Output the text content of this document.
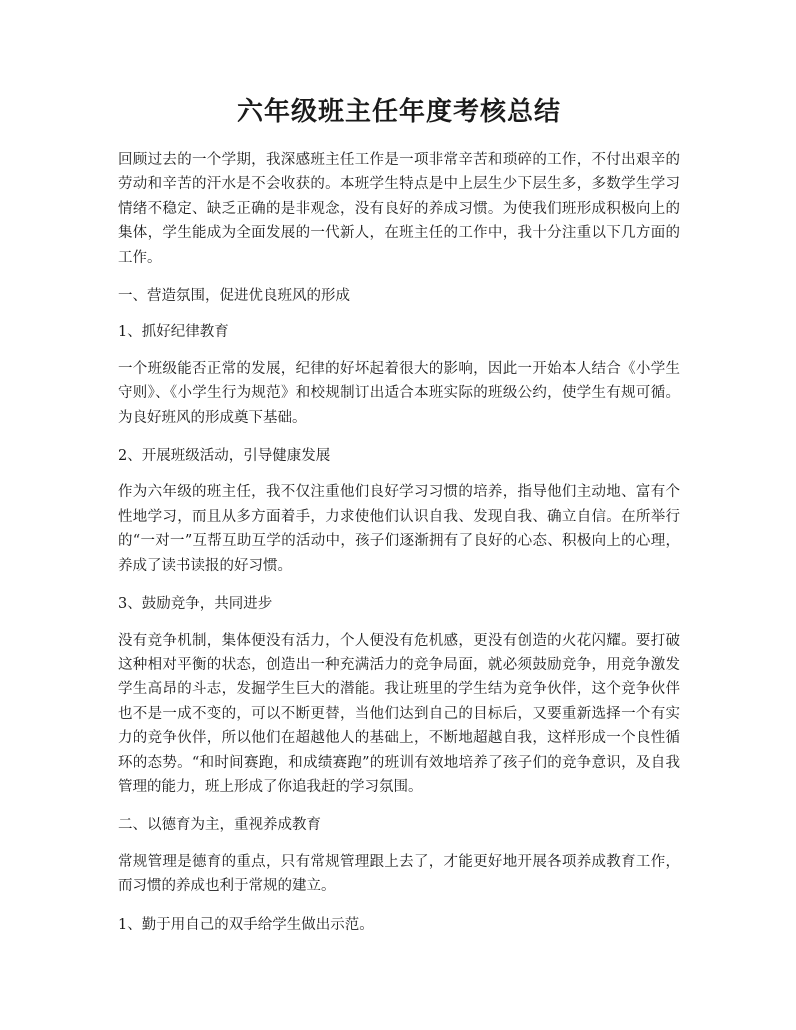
六年级班主任年度考核总结

回顾过去的一个学期，我深感班主任工作是一项非常辛苦和琐碎的工作，不付出艰辛的劳动和辛苦的汗水是不会收获的。本班学生特点是中上层生少下层生多，多数学生学习情绪不稳定、缺乏正确的是非观念，没有良好的养成习惯。为使我们班形成积极向上的集体，学生能成为全面发展的一代新人，在班主任的工作中，我十分注重以下几方面的工作。

一、营造氛围，促进优良班风的形成

1、抓好纪律教育

一个班级能否正常的发展，纪律的好坏起着很大的影响，因此一开始本人结合《小学生守则》、《小学生行为规范》和校规制订出适合本班实际的班级公约，使学生有规可循。为良好班风的形成奠下基础。

2、开展班级活动，引导健康发展

作为六年级的班主任，我不仅注重他们良好学习习惯的培养，指导他们主动地、富有个性地学习，而且从多方面着手，力求使他们认识自我、发现自我、确立自信。在所举行的“一对一”互帮互助互学的活动中，孩子们逐渐拥有了良好的心态、积极向上的心理，养成了读书读报的好习惯。

3、鼓励竞争，共同进步

没有竞争机制，集体便没有活力，个人便没有危机感，更没有创造的火花闪耀。要打破这种相对平衡的状态，创造出一种充满活力的竞争局面，就必须鼓励竞争，用竞争激发学生高昂的斗志，发掘学生巨大的潜能。我让班里的学生结为竞争伙伴，这个竞争伙伴也不是一成不变的，可以不断更替，当他们达到自己的目标后，又要重新选择一个有实力的竞争伙伴，所以他们在超越他人的基础上，不断地超越自我，这样形成一个良性循环的态势。“和时间赛跑，和成绩赛跑”的班训有效地培养了孩子们的竞争意识，及自我管理的能力，班上形成了你追我赶的学习氛围。

二、以德育为主，重视养成教育

常规管理是德育的重点，只有常规管理跟上去了，才能更好地开展各项养成教育工作，而习惯的养成也利于常规的建立。

1、勤于用自己的双手给学生做出示范。
